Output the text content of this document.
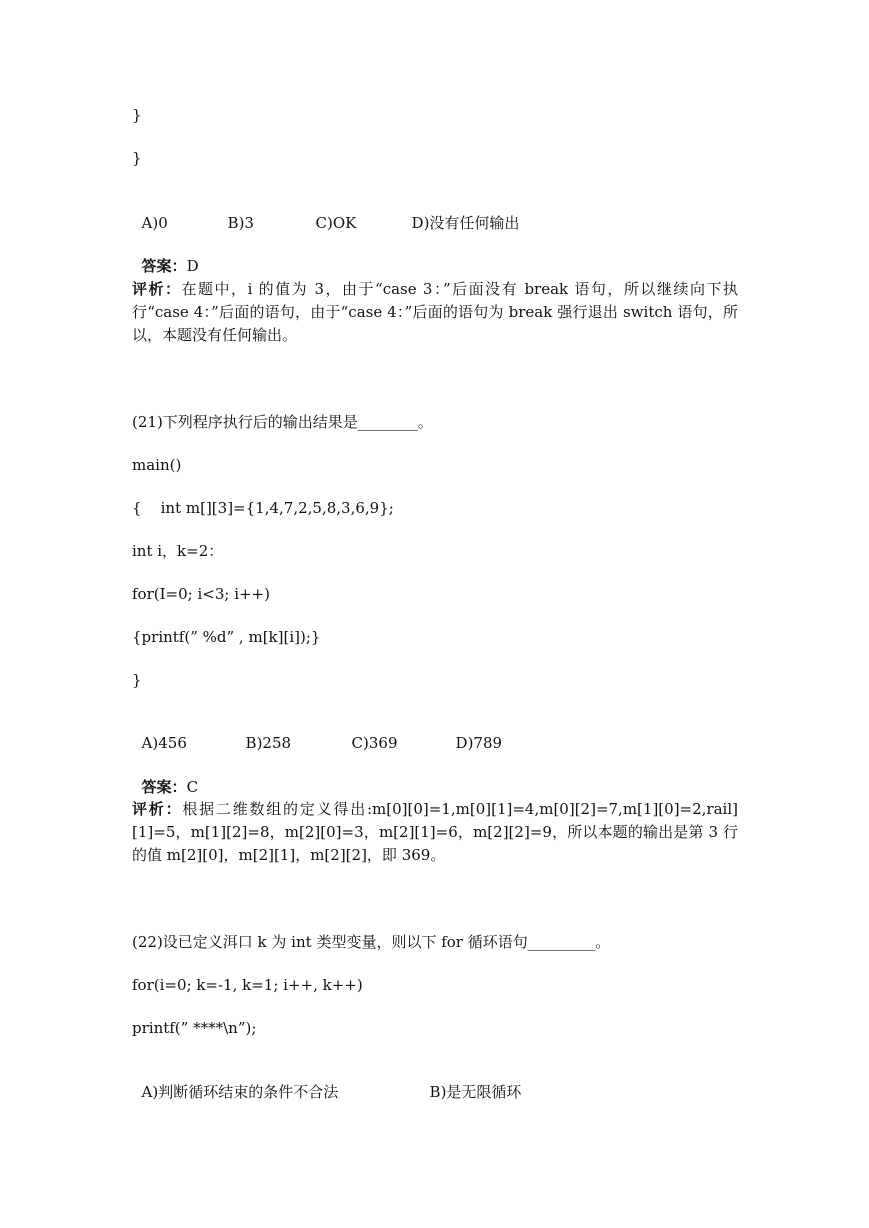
}
}

A)0	B)3	C)OK	D)没有任何输出

答案：D

评析：在题中，i 的值为 3，由于“case 3：”后面没有 break 语句，所以继续向下执行“case 4：”后面的语句，由于“case 4：”后面的语句为 break 强行退出 switch 语句，所以，本题没有任何输出。
(21)下列程序执行后的输出结果是________。
main()
{    int m[][3]={1,4,7,2,5,8,3,6,9};
int i，k=2：
for(I=0; i<3; i++)
{printf(” %d” , m[k][i]);}
}

A)456	B)258	C)369	D)789

答案：C

评析：根据二维数组的定义得出:m[0][0]=1,m[0][1]=4,m[0][2]=7,m[1][0]=2,rail][1]=5，m[1][2]=8，m[2][0]=3，m[2][1]=6，m[2][2]=9，所以本题的输出是第 3 行的值 m[2][0]，m[2][1]，m[2][2]，即 369。
(22)设已定义洱口 k 为 int 类型变量，则以下 for 循环语句_________。
for(i=0; k=-1, k=1; i++, k++)
printf(” ****\n”);

A)判断循环结束的条件不合法	B)是无限循环
